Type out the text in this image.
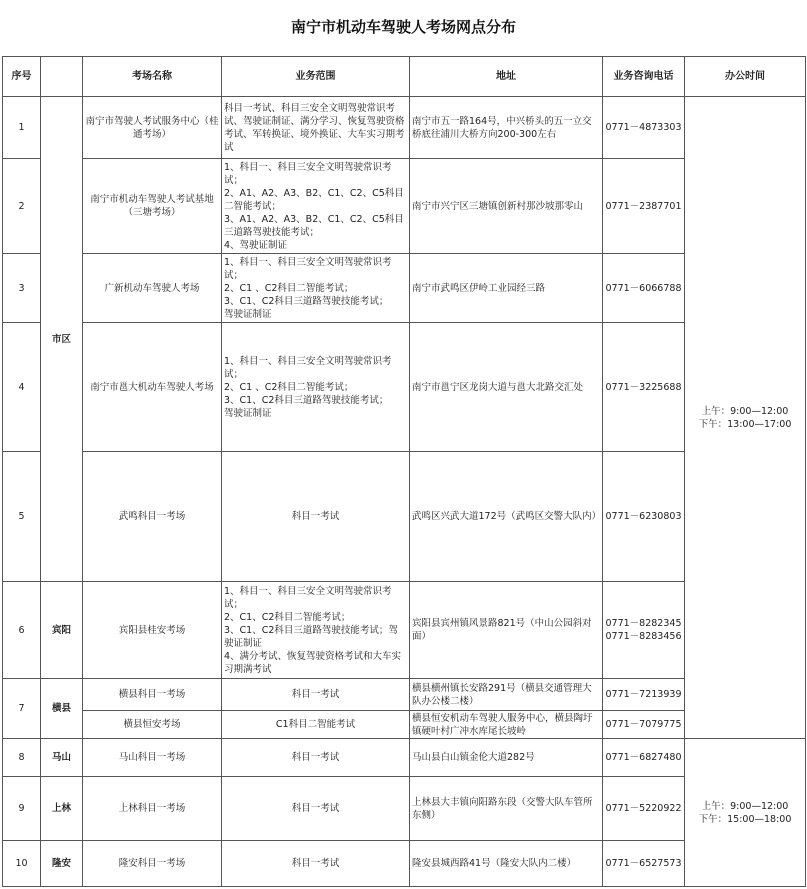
南宁市机动车驾驶人考场网点分布
序号		考场名称	业务范围	地址	业务咨询电话	办公时间
1	市区	南宁市驾驶人考试服务中心（桂通考场）	科目一考试、科目三安全文明驾驶常识考试、驾驶证制证、满分学习、恢复驾驶资格考试、军转换证、境外换证、大车实习期考试	南宁市五一路164号，中兴桥头的五一立交桥底往浦川大桥方向200-300左右	0771－4873303	上午：9:00—12:00
下午：13:00—17:00

2		南宁市机动车驾驶人考试基地（三塘考场）	1、科目一、科目三安全文明驾驶常识考试；
2、A1、A2、A3、B2、C1、C2、C5科目二智能考试；
3、A1、A2、A3、B2、C1、C2、C5科目三道路驾驶技能考试；
4、驾驶证制证	南宁市兴宁区三塘镇创新村那沙坡那零山	0771－2387701	

3		广新机动车驾驶人考场	1、科目一、科目三安全文明驾驶常识考试；
2、C1 、C2科目二智能考试；
3、C1、C2科目三道路驾驶技能考试；
驾驶证制证	南宁市武鸣区伊岭工业园经三路	0771－6066788	

4		南宁市邕大机动车驾驶人考场	1、科目一、科目三安全文明驾驶常识考试；
2、C1 、C2科目二智能考试；
3、C1、C2科目三道路驾驶技能考试；
驾驶证制证	南宁市邕宁区龙岗大道与邕大北路交汇处	0771－3225688	

5		武鸣科目一考场	科目一考试	武鸣区兴武大道172号（武鸣区交警大队内）	0771－6230803	

6	宾阳	宾阳县桂安考场	1、科目一、科目三安全文明驾驶常识考试；
2、C1、C2科目二智能考试；
3、C1、C2科目三道路驾驶技能考试；驾驶证制证
4、满分考试、恢复驾驶资格考试和大车实习期满考试	宾阳县宾州镇风景路821号（中山公园斜对面）	0771－8282345
0771－8283456	

7	横县	横县科目一考场	科目一考试	横县横州镇长安路291号（横县交通管理大队办公楼二楼）	0771－7213939	

		横县恒安考场	C1科目二智能考试	横县恒安机动车驾驶人服务中心，横县陶圩镇硬叶村广冲水库尾长坡岭	0771－7079775	

8	马山	马山科目一考场	科目一考试	马山县白山镇金伦大道282号	0771－6827480	上午：9:00—12:00
下午：15:00—18:00

9	上林	上林科目一考场	科目一考试	上林县大丰镇向阳路东段（交警大队车管所东侧）	0771－5220922	

10	隆安	隆安科目一考场	科目一考试	隆安县城西路41号（隆安大队内二楼）	0771－6527573	
